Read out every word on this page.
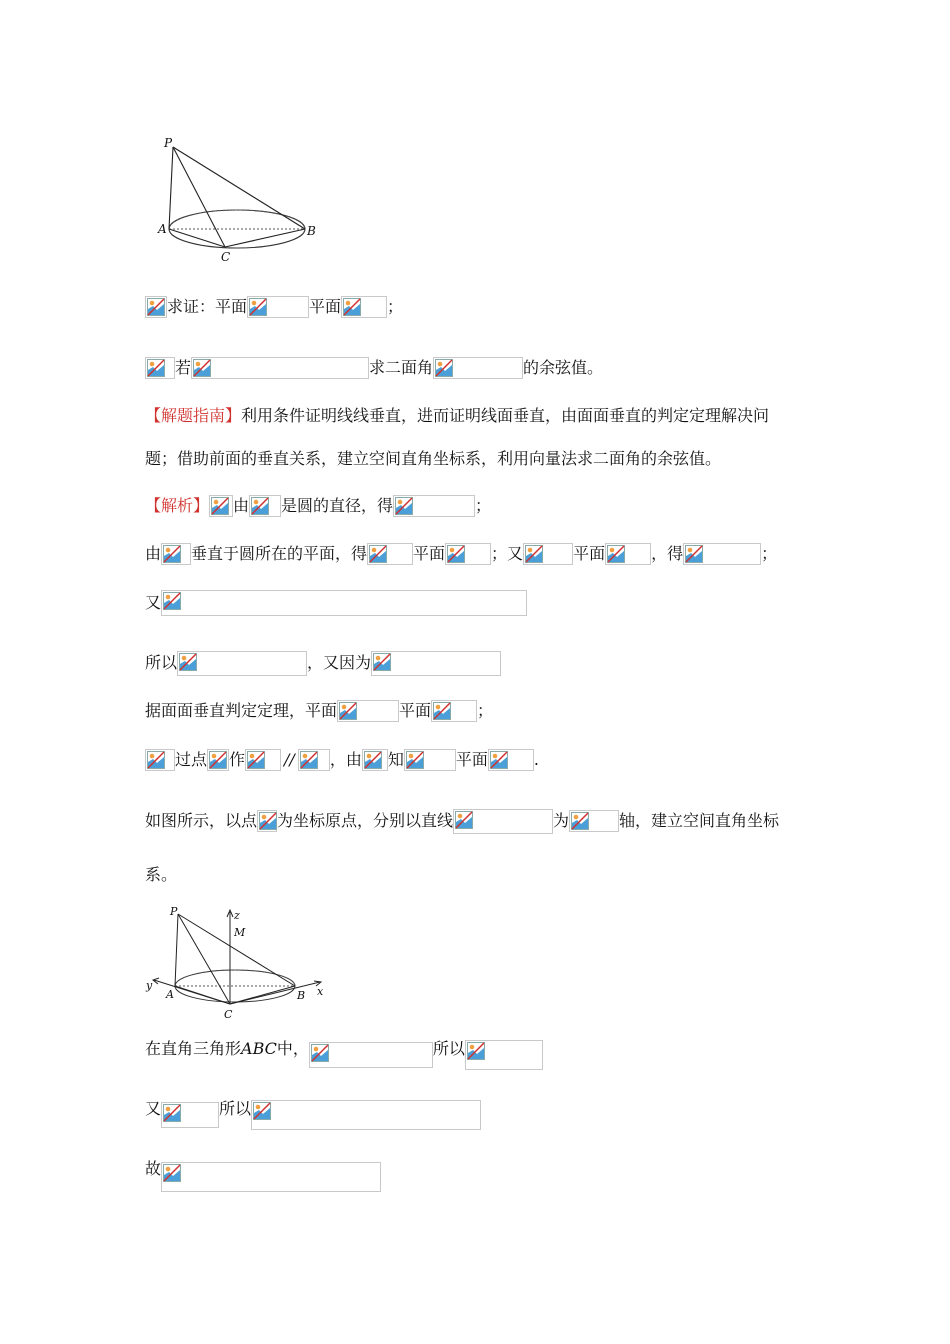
P
A	B
C
求证：平面	平面	；
若	求二面角	的余弦值。
【解题指南】利用条件证明线线垂直，进而证明线面垂直，由面面垂直的判定定理解决问
题；借助前面的垂直关系，建立空间直角坐标系，利用向量法求二面角的余弦值。
【解析】 由 是圆的直径，得	；
由 垂直于圆所在的平面，得	平面	；又	平面	，得	；
又
所以	，又因为
据面面垂直判定定理，平面	平面	；
过点 作 // ，由 知	平面	.
如图所示，以点 为坐标原点，分别以直线	为	轴，建立空间直角坐标
系。
P	z
M
y
A	B x
C
在直角三角形 ABC 中，	所以
又	所以
故
